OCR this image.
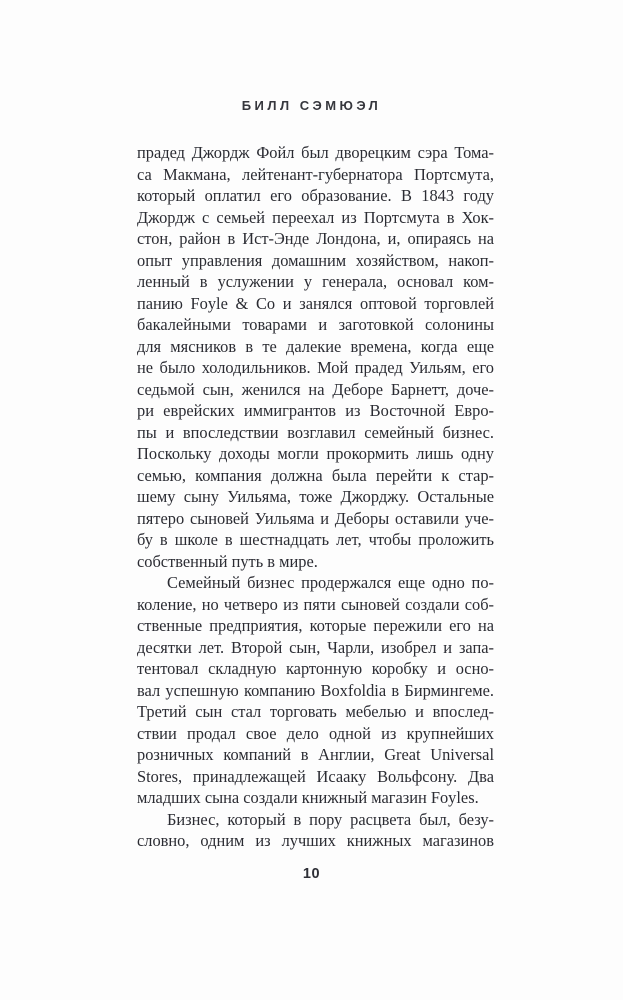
БИЛЛ СЭМЮЭЛ
прадед Джордж Фойл был дворецким сэра Тома-
са Макмана, лейтенант-губернатора Портсмута,
который оплатил его образование. В 1843 году
Джордж с семьей переехал из Портсмута в Хок-
стон, район в Ист-Энде Лондона, и, опираясь на
опыт управления домашним хозяйством, накоп-
ленный в услужении у генерала, основал ком-
панию Foyle & Co и занялся оптовой торговлей
бакалейными товарами и заготовкой солонины
для мясников в те далекие времена, когда еще
не было холодильников. Мой прадед Уильям, его
седьмой сын, женился на Деборе Барнетт, доче-
ри еврейских иммигрантов из Восточной Евро-
пы и впоследствии возглавил семейный бизнес.
Поскольку доходы могли прокормить лишь одну
семью, компания должна была перейти к стар-
шему сыну Уильяма, тоже Джорджу. Остальные
пятеро сыновей Уильяма и Деборы оставили уче-
бу в школе в шестнадцать лет, чтобы проложить
собственный путь в мире.
Семейный бизнес продержался еще одно по-
коление, но четверо из пяти сыновей создали соб-
ственные предприятия, которые пережили его на
десятки лет. Второй сын, Чарли, изобрел и запа-
тентовал складную картонную коробку и осно-
вал успешную компанию Boxfoldia в Бирмингеме.
Третий сын стал торговать мебелью и впослед-
ствии продал свое дело одной из крупнейших
розничных компаний в Англии, Great Universal
Stores, принадлежащей Исааку Вольфсону. Два
младших сына создали книжный магазин Foyles.
Бизнес, который в пору расцвета был, безу-
словно, одним из лучших книжных магазинов
10
